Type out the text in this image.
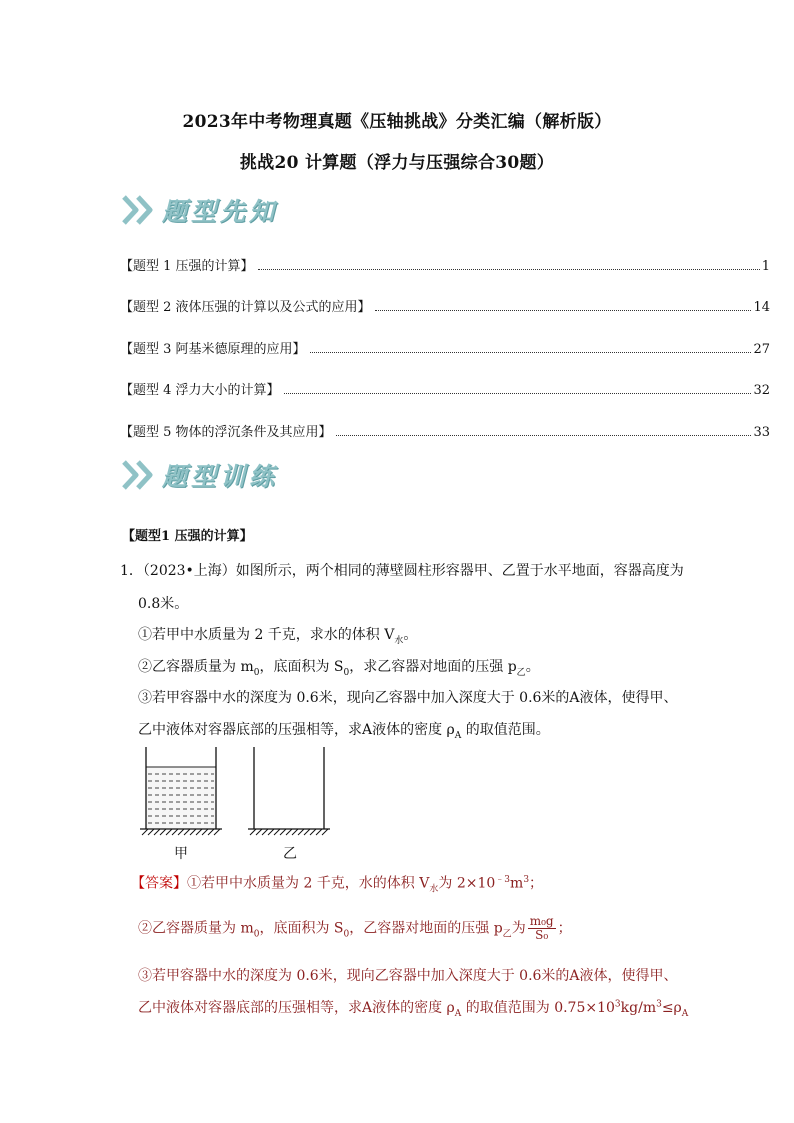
2023年中考物理真题《压轴挑战》分类汇编（解析版）
挑战20 计算题（浮力与压强综合30题）
题型先知
【题型 1 压强的计算】	1
【题型 2 液体压强的计算以及公式的应用】	14
【题型 3 阿基米德原理的应用】	27
【题型 4 浮力大小的计算】	32
【题型 5 物体的浮沉条件及其应用】	33
题型训练
【题型1 压强的计算】
1．（2023•上海）如图所示，两个相同的薄壁圆柱形容器甲、乙置于水平地面，容器高度为
0.8米。
①若甲中水质量为 2 千克，求水的体积 $V_水$。
②乙容器质量为 $m_0$，底面积为 $S_0$，求乙容器对地面的压强 $p_乙$。
③若甲容器中水的深度为 0.6米，现向乙容器中加入深度大于 0.6米的A液体，使得甲、
乙中液体对容器底部的压强相等，求A液体的密度 $\rho_A$ 的取值范围。
甲	乙
【答案】①若甲中水质量为 2 千克，水的体积 $V_水$为 $2\times 10^{﹣3}m^3$；
②乙容器质量为 $m_0$，底面积为 $S_0$，乙容器对地面的压强 $p_乙$为 $\frac{\text{m₀g}}{\text{S₀}}$ ；
③若甲容器中水的深度为 0.6米，现向乙容器中加入深度大于 0.6米的A液体，使得甲、
乙中液体对容器底部的压强相等，求A液体的密度 $\rho_A$ 的取值范围为 $0.75\times 10^3kg/m^3\le\rho_A$
